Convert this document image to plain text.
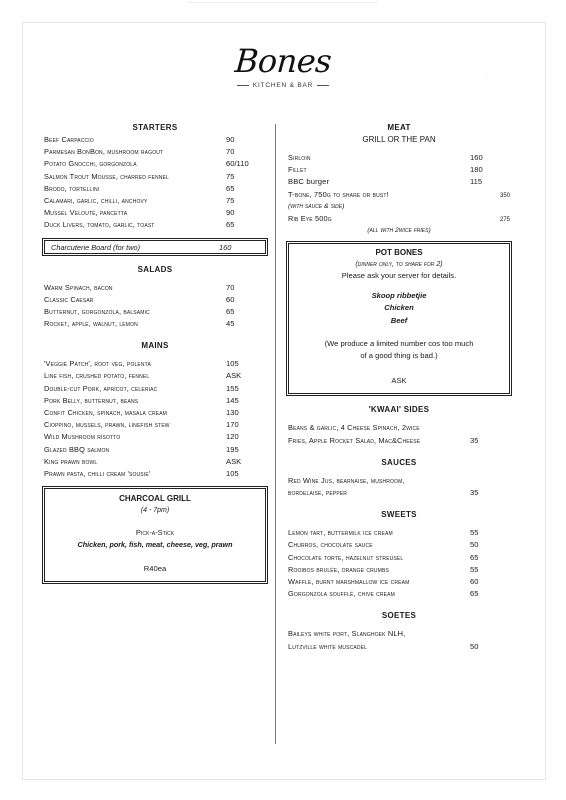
·
Bones
KITCHEN & BAR
STARTERS
Beef Carpaccio	90
Parmesan BonBon, mushroom ragout	70
Potato Gnocchi, gorgonzola	60/110
Salmon Trout Mousse, charred fennel	75
Brodo, tortellini	65
Calamari, garlic, chilli, anchovy	75
Mussel Velouté, pancetta	90
Duck Livers, tomato, garlic, toast	65
Charcuterie Board (for two)	160
SALADS
Warm Spinach, bacon	70
Classic Caesar	60
Butternut, gorgonzola, balsamic	65
Rocket, apple, walnut, lemon	45
MAINS
'Veggie Patch', root veg, polenta	105
Line fish, crushed potato, fennel	ASK
Double-cut Pork, apricot, celeriac	155
Pork Belly, butternut, beans	145
Confit Chicken, spinach, masala cream	130
Cioppino, mussels, prawn, linefish stew	170
Wild Mushroom risotto	120
Glazed BBQ salmon	195
King prawn bowl	ASK
Prawn pasta, chilli cream 'sousie'	105
CHARCOAL GRILL
(4 - 7pm)
Pick-a-Stick
Chicken, pork, fish, meat, cheese, veg, prawn
R40ea
MEAT
GRILL OR THE PAN
Sirloin	160
Fillet	180
BBC burger	115
T-bone, 750g to share or bust!	350
(with sauce & side)
Rib Eye 500g	275
(all with 2wice fries)
POT BONES
(dinner only, to share for 2)
Please ask your server for details.
Skoop ribbetjie
Chicken
Beef
(We produce a limited number cos too much
of a good thing is bad.)
ASK
'KWAAI' SIDES
Beans & garlic, 4 Cheese Spinach, 2wice
Fries, Apple Rocket Salad, Mac&Cheese	35
SAUCES
Red Wine Jus, bearnaise, mushroom,
bordelaise, pepper	35
SWEETS
Lemon tart, buttermilk ice cream	55
Churros, chocolate sauce	50
Chocolate torte, hazelnut streusel	65
Rooibos brulée, orange crumbs	55
Waffle, burnt marshmallow ice cream	60
Gorgonzola soufflé, chive cream	65
SOETES
Baileys white port, Slanghoek NLH,
Lutzville white muscadel	50
